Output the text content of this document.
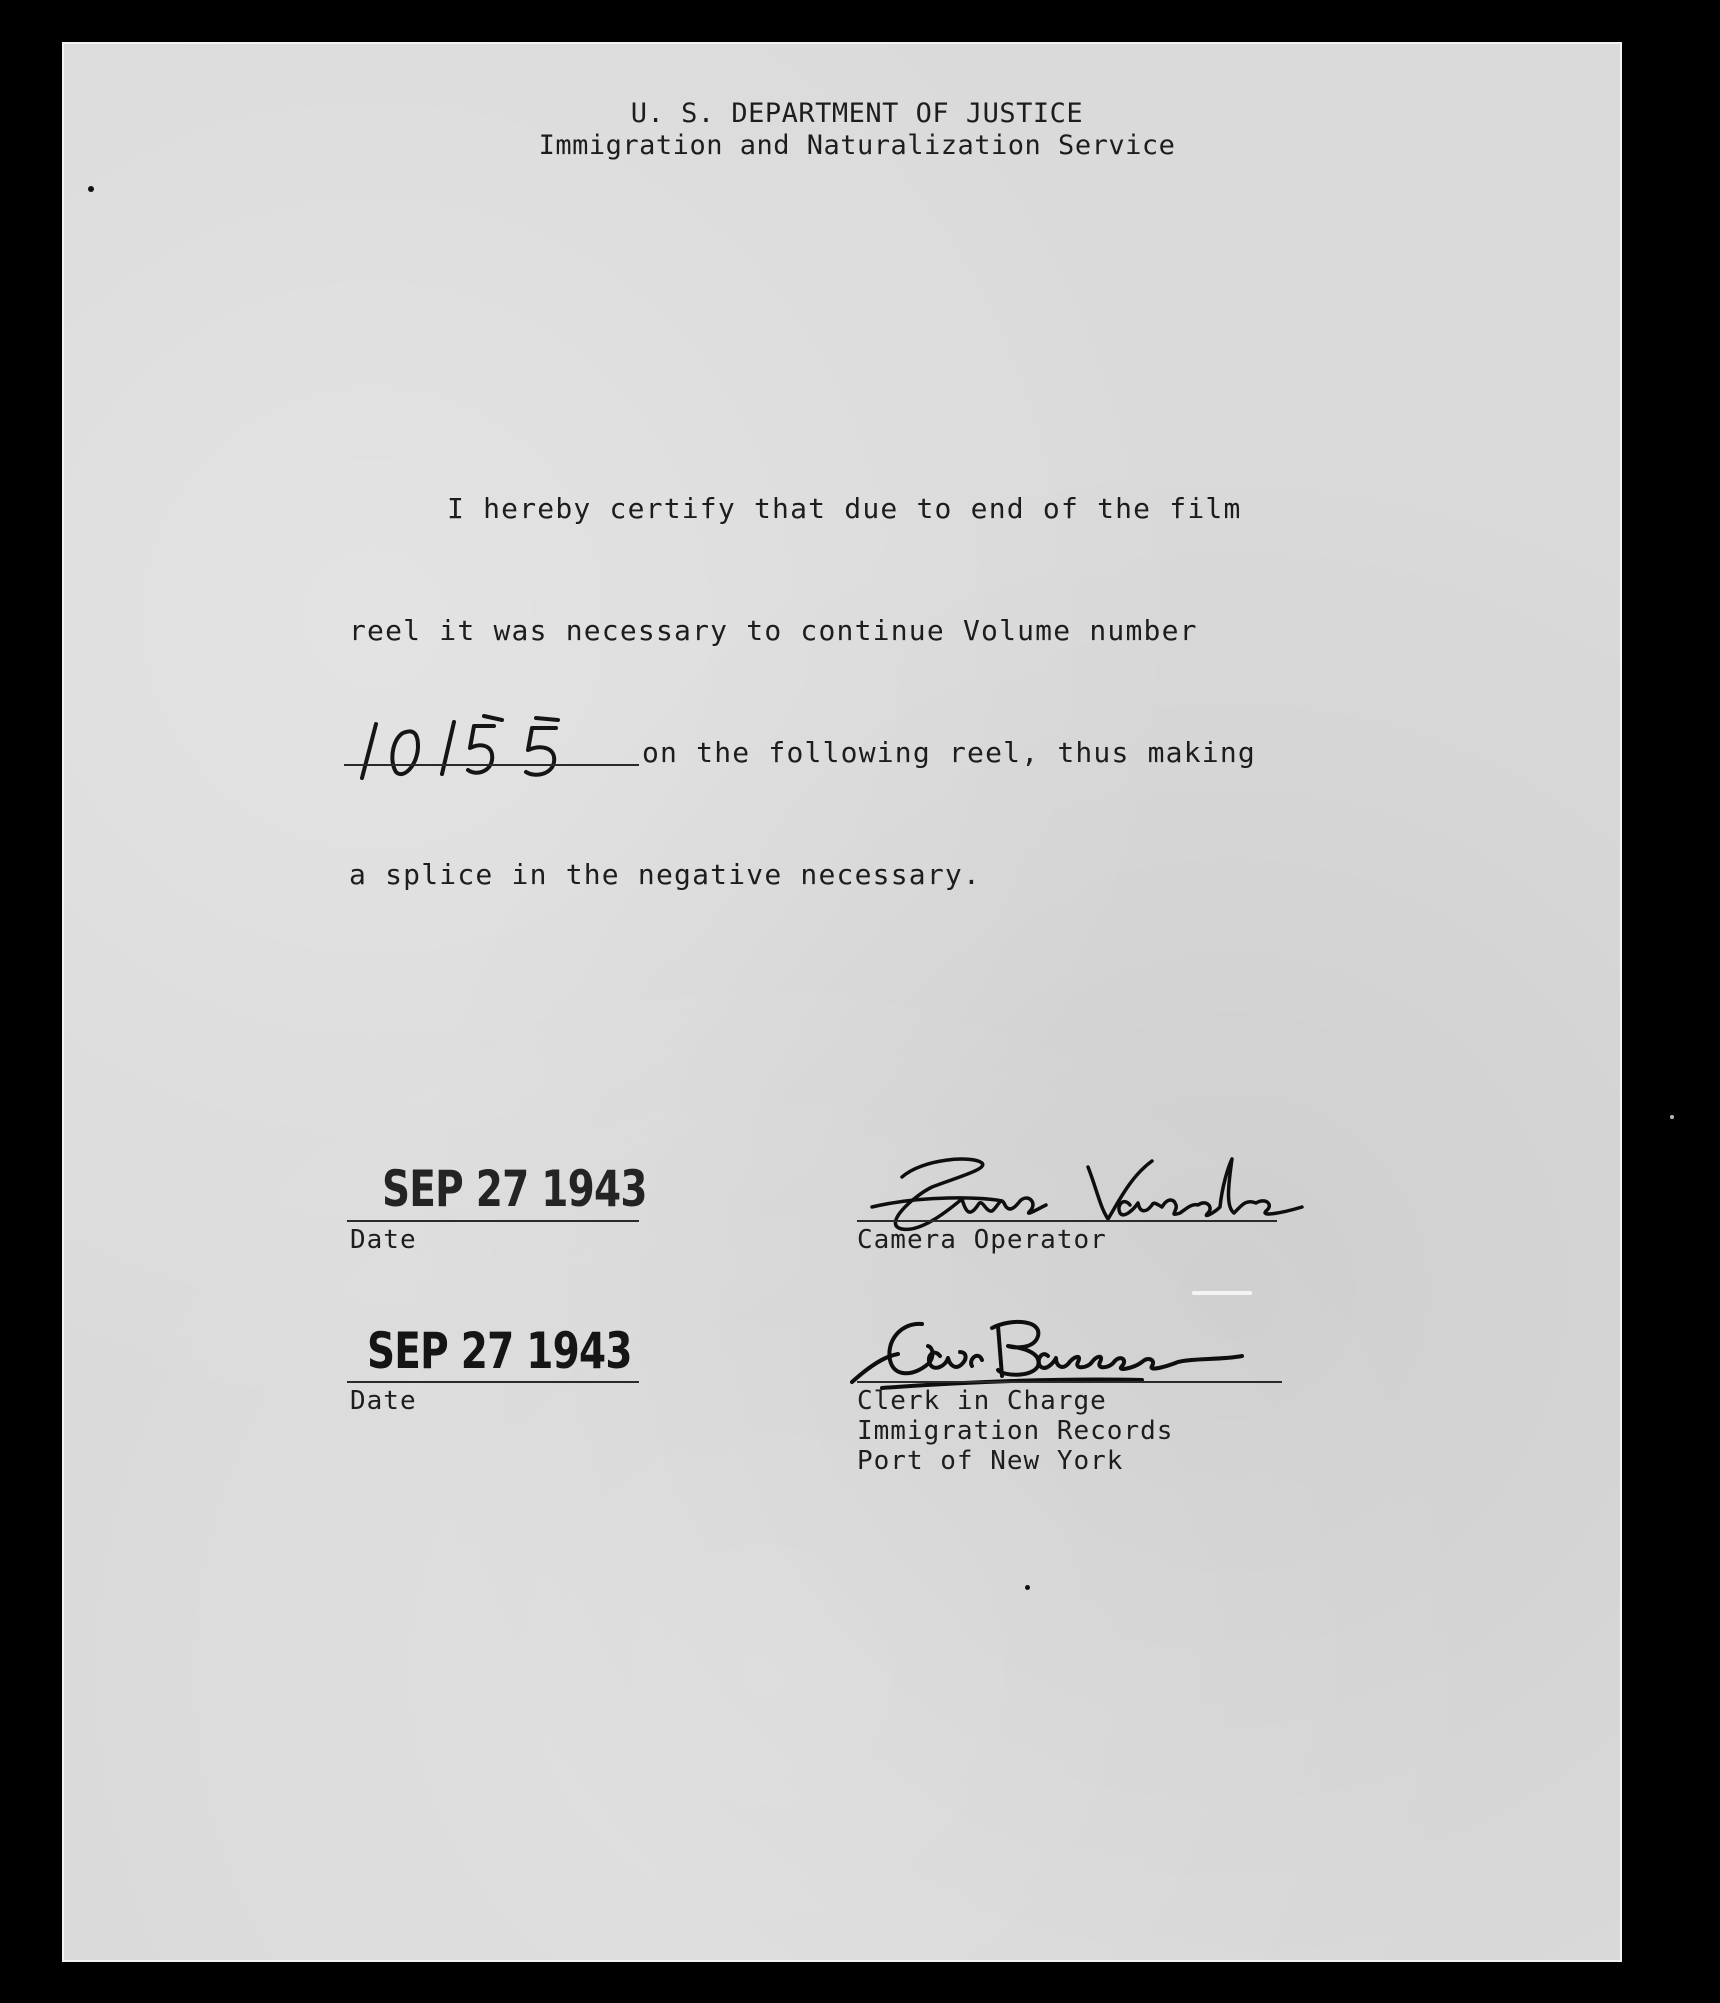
U. S. DEPARTMENT OF JUSTICE
Immigration and Naturalization Service
I hereby certify that due to end of the film
reel it was necessary to continue Volume number
on the following reel, thus making
a splice in the negative necessary.
SEP 27 1943
Date	Camera Operator
SEP 27 1943
Date	Clerk in Charge
Immigration Records
Port of New York
